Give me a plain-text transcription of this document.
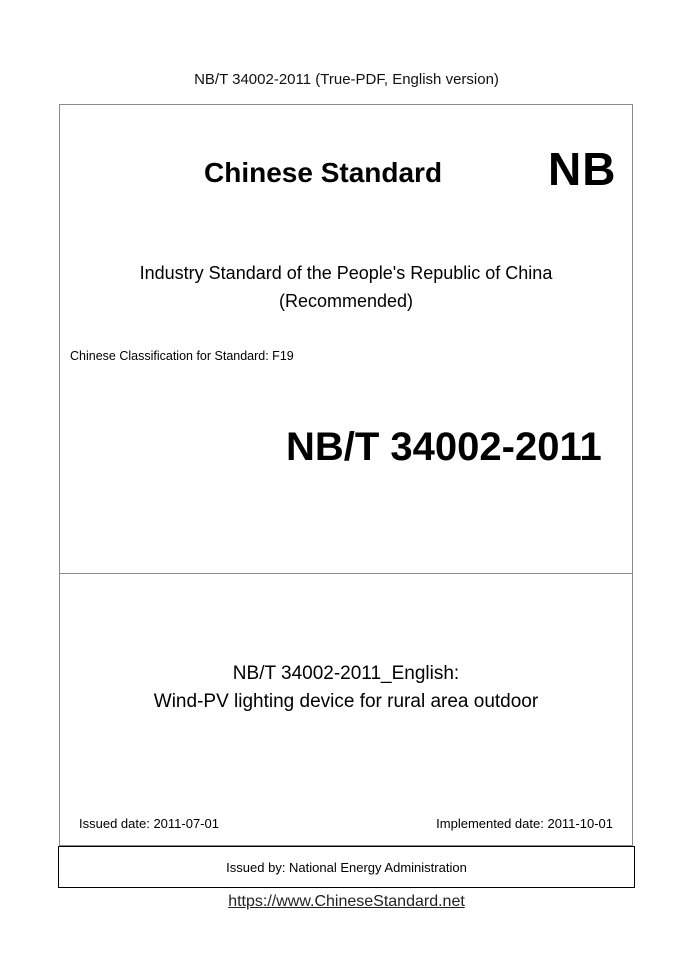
NB/T 34002-2011 (True-PDF, English version)
Chinese Standard NB
Industry Standard of the People's Republic of China
(Recommended)
Chinese Classification for Standard: F19
NB/T 34002-2011
NB/T 34002-2011_English:
Wind-PV lighting device for rural area outdoor
Issued date: 2011-07-01	Implemented date: 2011-10-01
Issued by: National Energy Administration
https://www.ChineseStandard.net
